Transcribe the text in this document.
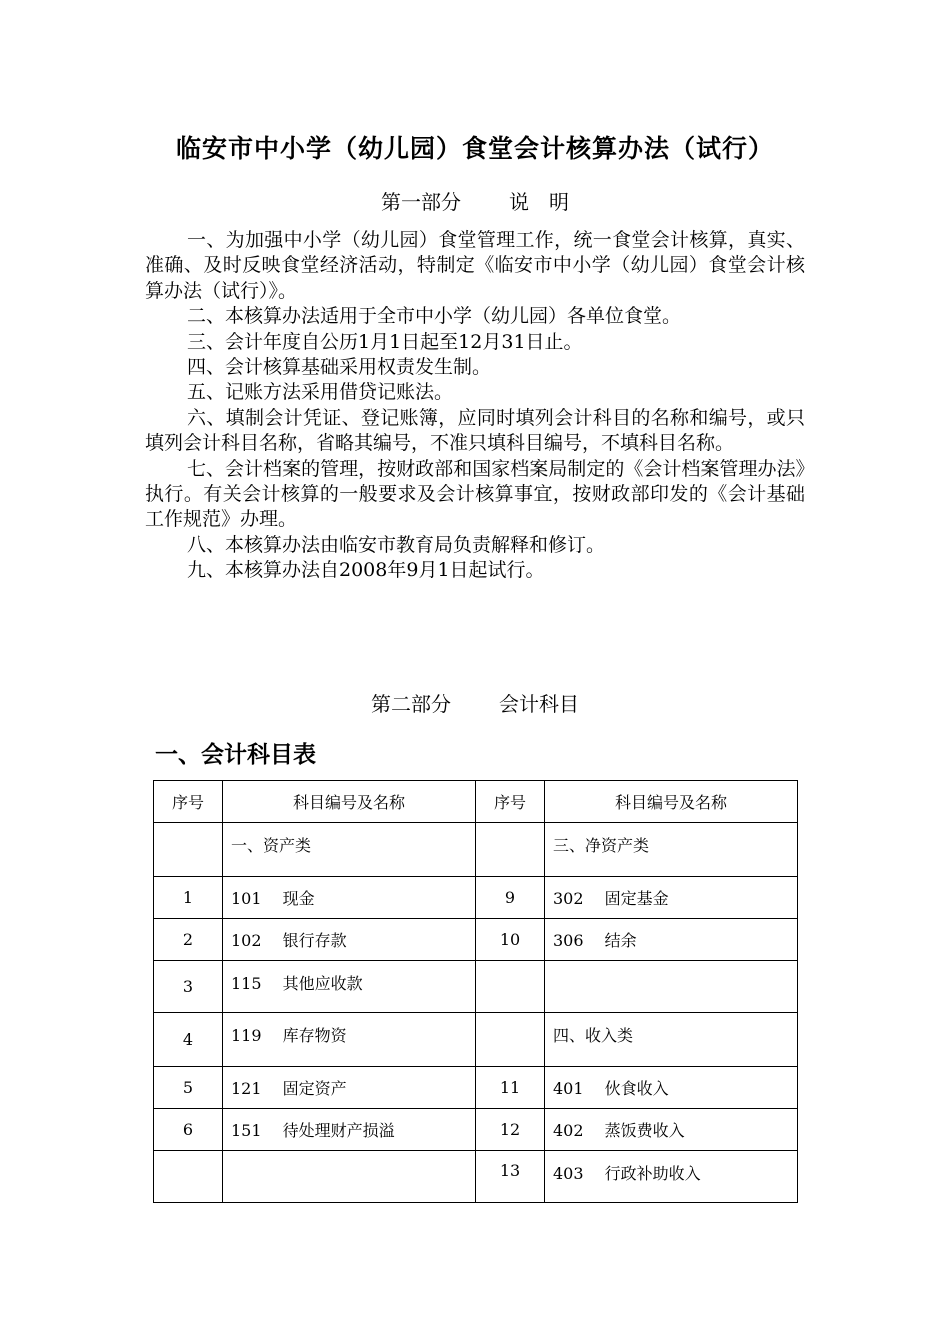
临安市中小学（幼儿园）食堂会计核算办法（试行）
第一部分 说　明

一、为加强中小学（幼儿园）食堂管理工作，统一食堂会计核算，真实、准确、及时反映食堂经济活动，特制定《临安市中小学（幼儿园）食堂会计核算办法（试行）》。

二、本核算办法适用于全市中小学（幼儿园）各单位食堂。

三、会计年度自公历1月1日起至12月31日止。

四、会计核算基础采用权责发生制。

五、记账方法采用借贷记账法。

六、填制会计凭证、登记账簿，应同时填列会计科目的名称和编号，或只填列会计科目名称，省略其编号，不准只填科目编号，不填科目名称。

七、会计档案的管理，按财政部和国家档案局制定的《会计档案管理办法》执行。有关会计核算的一般要求及会计核算事宜，按财政部印发的《会计基础工作规范》办理。

八、本核算办法由临安市教育局负责解释和修订。

九、本核算办法自2008年9月1日起试行。

第二部分 会计科目
一、会计科目表
序号	科目编号及名称	序号	科目编号及名称
	一、资产类		三、净资产类
1	101　 现金	9	302　 固定基金
2	102　 银行存款	10	306　 结余
3	115　 其他应收款		
4	119　 库存物资		四、收入类
5	121　 固定资产	11	401　 伙食收入
6	151　 待处理财产损溢	12	402　 蒸饭费收入
		13	403　 行政补助收入
